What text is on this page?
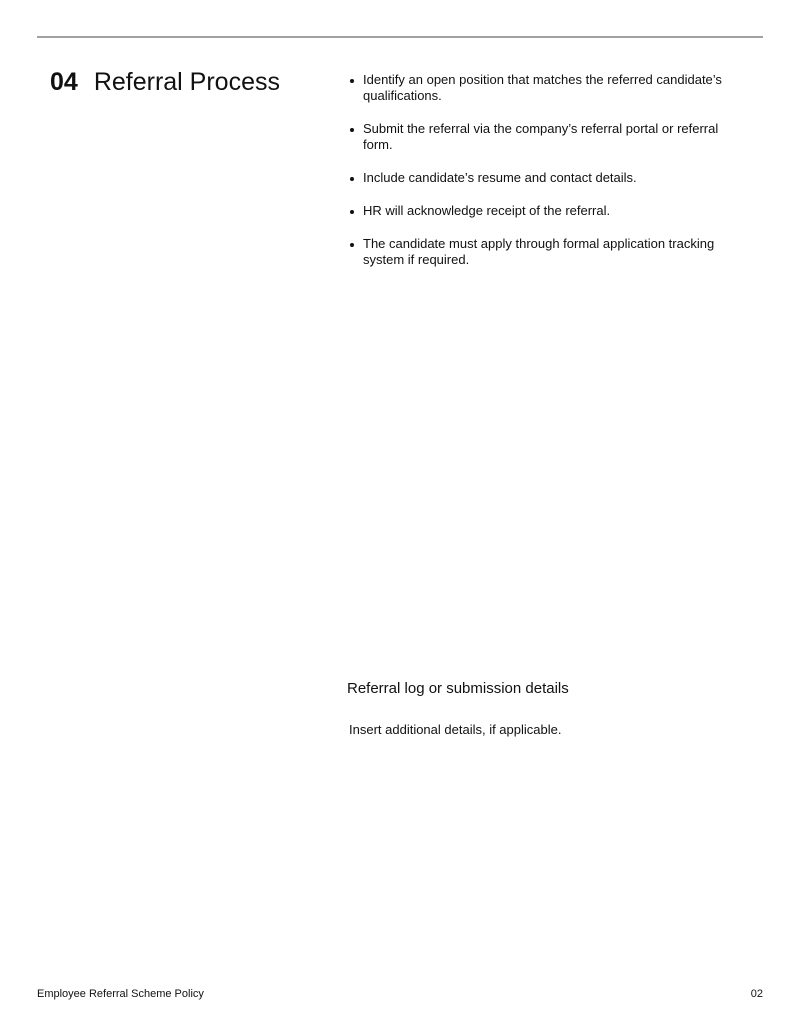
04 Referral Process	Identify an open position that matches the referred candidate’s qualifications.
Submit the referral via the company’s referral portal or referral form.
Include candidate’s resume and contact details.
HR will acknowledge receipt of the referral.
The candidate must apply through formal application tracking system if required.
Referral log or submission details
Insert additional details, if applicable.
Employee Referral Scheme Policy	02
